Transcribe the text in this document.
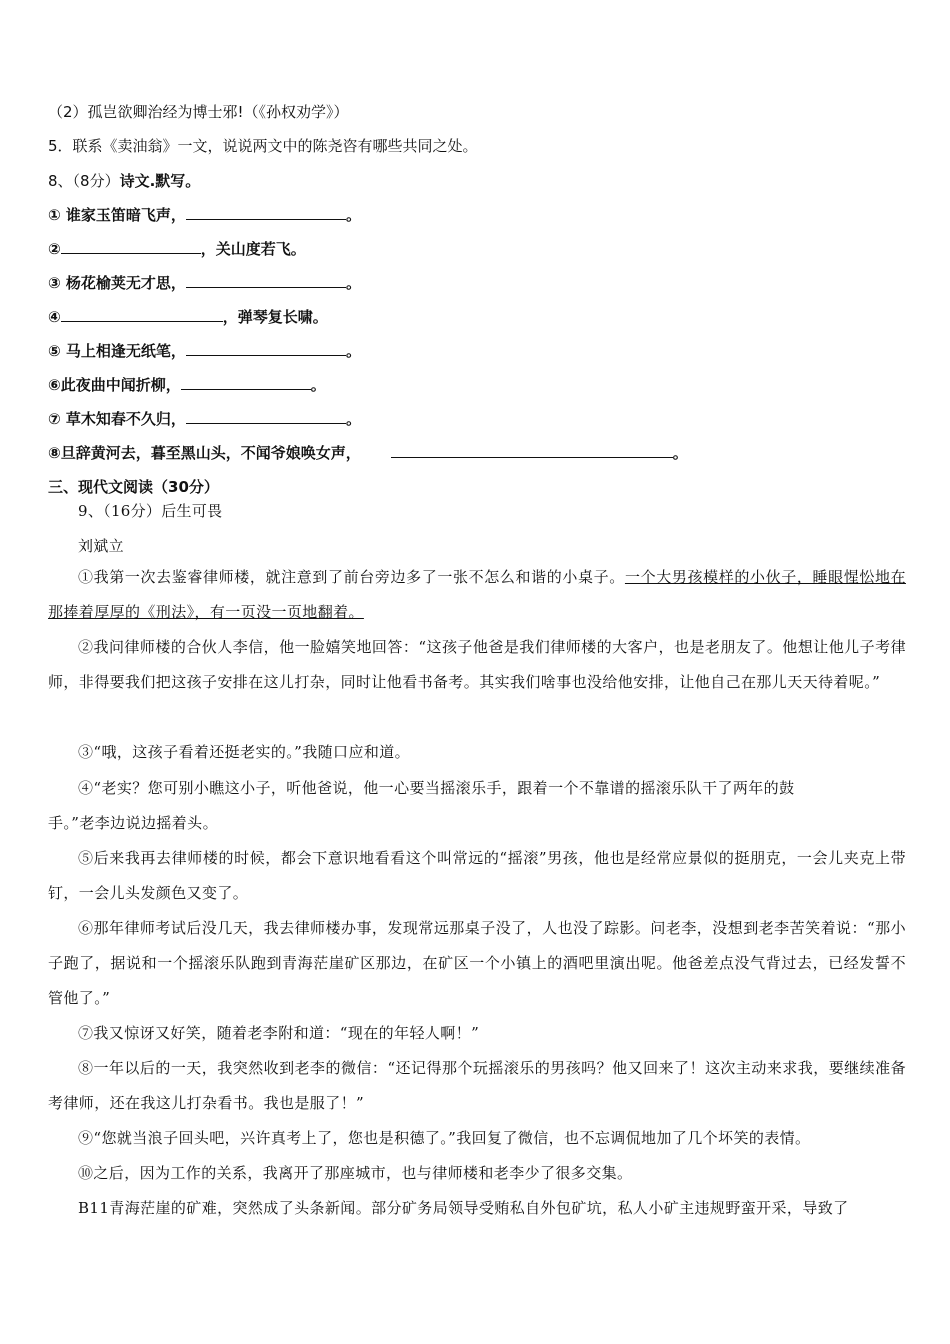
（2）孤岂欲卿治经为博士邪!（《孙权劝学》）
5．联系《卖油翁》一文，说说两文中的陈尧咨有哪些共同之处。
8、（8分）诗文.默写。
① 谁家玉笛暗飞声，	。
②	，关山度若飞。
③ 杨花榆荚无才思，	。
④	，弹琴复长啸。
⑤ 马上相逢无纸笔，	。
⑥此夜曲中闻折柳，	。
⑦ 草木知春不久归，	。
⑧旦辞黄河去，暮至黑山头，不闻爷娘唤女声，	。
三、现代文阅读（30分）
9、（16分）后生可畏
刘斌立
①我第一次去鉴睿律师楼，就注意到了前台旁边多了一张不怎么和谐的小桌子。一个大男孩模样的小伙子，睡眼惺忪地在那捧着厚厚的《刑法》，有一页没一页地翻着。
②我问律师楼的合伙人李信，他一脸嬉笑地回答：“这孩子他爸是我们律师楼的大客户，也是老朋友了。他想让他儿子考律师，非得要我们把这孩子安排在这儿打杂，同时让他看书备考。其实我们啥事也没给他安排，让他自己在那儿天天待着呢。”
③“哦，这孩子看着还挺老实的。”我随口应和道。
④“老实？您可别小瞧这小子，听他爸说，他一心要当摇滚乐手，跟着一个不靠谱的摇滚乐队干了两年的鼓
手。”老李边说边摇着头。
⑤后来我再去律师楼的时候，都会下意识地看看这个叫常远的“摇滚”男孩，他也是经常应景似的挺朋克，一会儿夹克上带钉，一会儿头发颜色又变了。
⑥那年律师考试后没几天，我去律师楼办事，发现常远那桌子没了，人也没了踪影。问老李，没想到老李苦笑着说：“那小子跑了，据说和一个摇滚乐队跑到青海茫崖矿区那边，在矿区一个小镇上的酒吧里演出呢。他爸差点没气背过去，已经发誓不管他了。”
⑦我又惊讶又好笑，随着老李附和道：“现在的年轻人啊！”
⑧一年以后的一天，我突然收到老李的微信：“还记得那个玩摇滚乐的男孩吗？他又回来了！这次主动来求我，要继续准备考律师，还在我这儿打杂看书。我也是服了！”
⑨“您就当浪子回头吧，兴许真考上了，您也是积德了。”我回复了微信，也不忘调侃地加了几个坏笑的表情。
⑩之后，因为工作的关系，我离开了那座城市，也与律师楼和老李少了很多交集。
B11青海茫崖的矿难，突然成了头条新闻。部分矿务局领导受贿私自外包矿坑，私人小矿主违规野蛮开采，导致了
